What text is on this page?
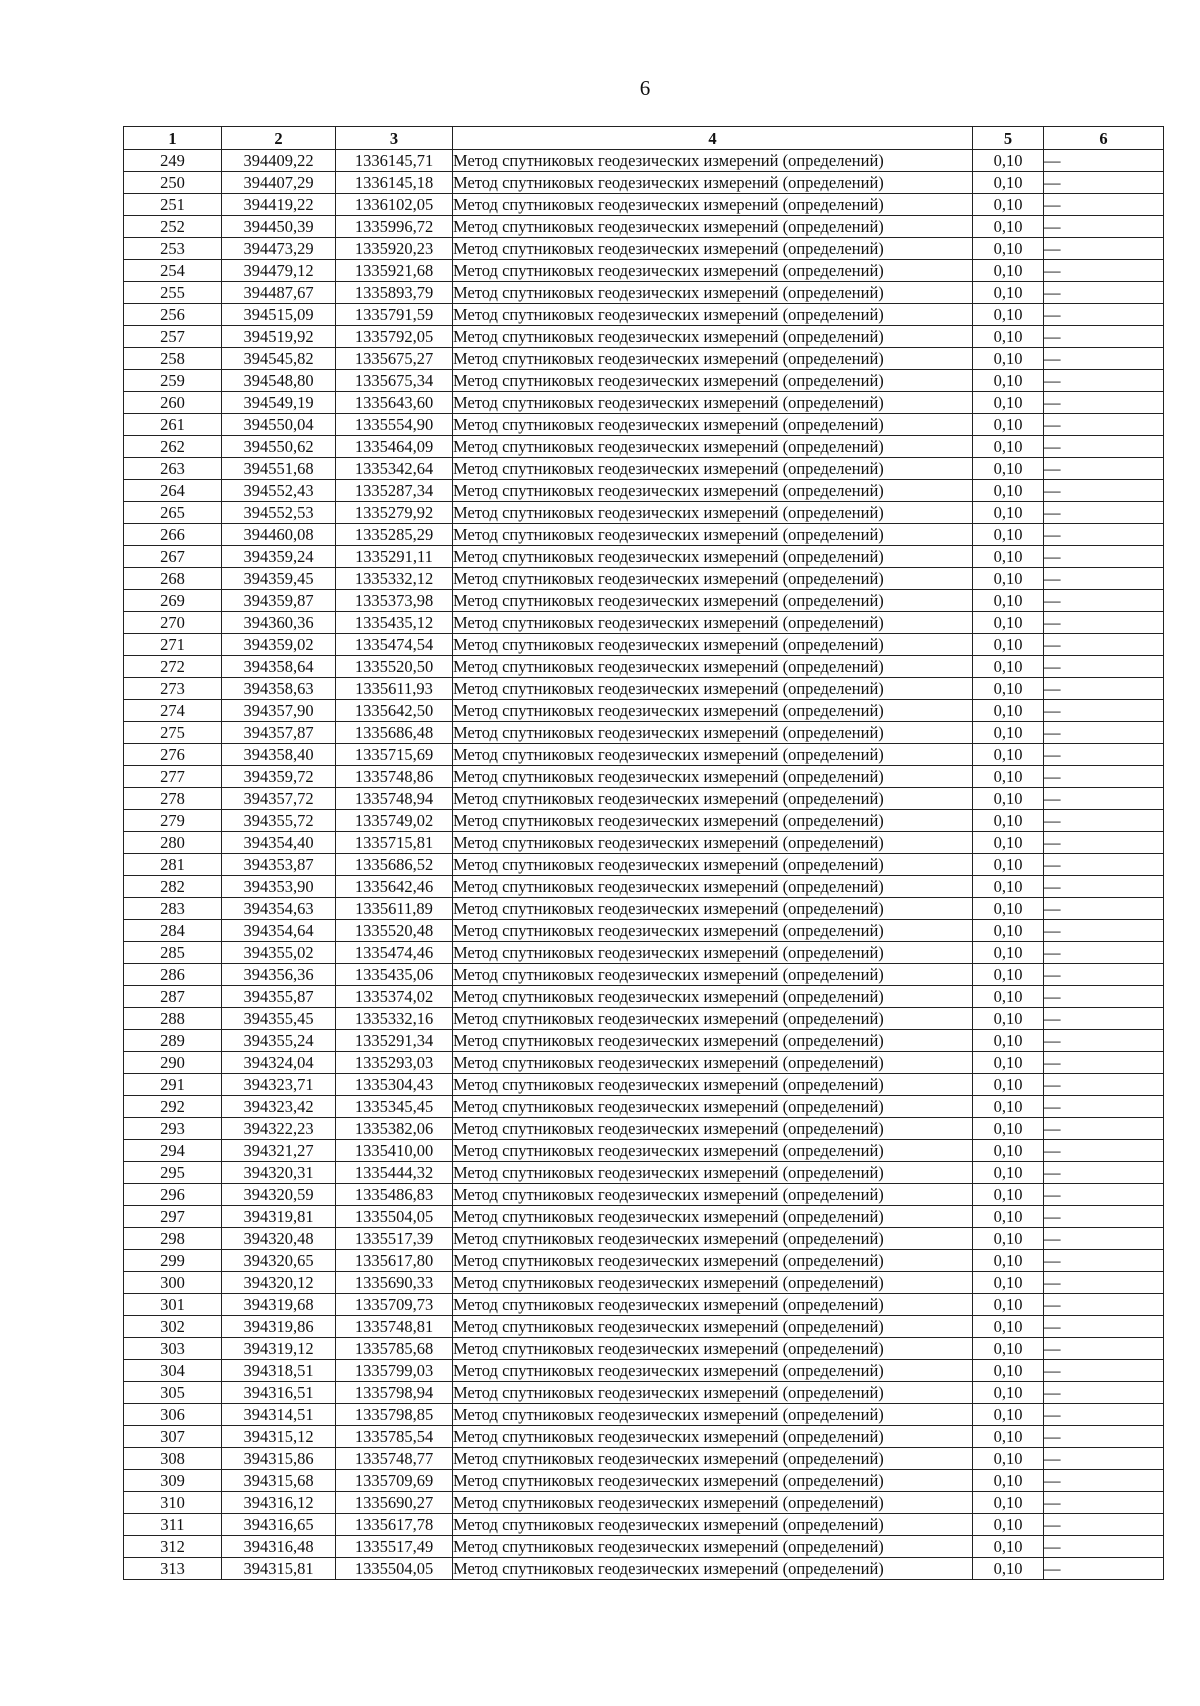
6
1	2	3	4	5	6
249	394409,22	1336145,71	Метод спутниковых геодезических измерений (определений)	0,10	—
250	394407,29	1336145,18	Метод спутниковых геодезических измерений (определений)	0,10	—
251	394419,22	1336102,05	Метод спутниковых геодезических измерений (определений)	0,10	—
252	394450,39	1335996,72	Метод спутниковых геодезических измерений (определений)	0,10	—
253	394473,29	1335920,23	Метод спутниковых геодезических измерений (определений)	0,10	—
254	394479,12	1335921,68	Метод спутниковых геодезических измерений (определений)	0,10	—
255	394487,67	1335893,79	Метод спутниковых геодезических измерений (определений)	0,10	—
256	394515,09	1335791,59	Метод спутниковых геодезических измерений (определений)	0,10	—
257	394519,92	1335792,05	Метод спутниковых геодезических измерений (определений)	0,10	—
258	394545,82	1335675,27	Метод спутниковых геодезических измерений (определений)	0,10	—
259	394548,80	1335675,34	Метод спутниковых геодезических измерений (определений)	0,10	—
260	394549,19	1335643,60	Метод спутниковых геодезических измерений (определений)	0,10	—
261	394550,04	1335554,90	Метод спутниковых геодезических измерений (определений)	0,10	—
262	394550,62	1335464,09	Метод спутниковых геодезических измерений (определений)	0,10	—
263	394551,68	1335342,64	Метод спутниковых геодезических измерений (определений)	0,10	—
264	394552,43	1335287,34	Метод спутниковых геодезических измерений (определений)	0,10	—
265	394552,53	1335279,92	Метод спутниковых геодезических измерений (определений)	0,10	—
266	394460,08	1335285,29	Метод спутниковых геодезических измерений (определений)	0,10	—
267	394359,24	1335291,11	Метод спутниковых геодезических измерений (определений)	0,10	—
268	394359,45	1335332,12	Метод спутниковых геодезических измерений (определений)	0,10	—
269	394359,87	1335373,98	Метод спутниковых геодезических измерений (определений)	0,10	—
270	394360,36	1335435,12	Метод спутниковых геодезических измерений (определений)	0,10	—
271	394359,02	1335474,54	Метод спутниковых геодезических измерений (определений)	0,10	—
272	394358,64	1335520,50	Метод спутниковых геодезических измерений (определений)	0,10	—
273	394358,63	1335611,93	Метод спутниковых геодезических измерений (определений)	0,10	—
274	394357,90	1335642,50	Метод спутниковых геодезических измерений (определений)	0,10	—
275	394357,87	1335686,48	Метод спутниковых геодезических измерений (определений)	0,10	—
276	394358,40	1335715,69	Метод спутниковых геодезических измерений (определений)	0,10	—
277	394359,72	1335748,86	Метод спутниковых геодезических измерений (определений)	0,10	—
278	394357,72	1335748,94	Метод спутниковых геодезических измерений (определений)	0,10	—
279	394355,72	1335749,02	Метод спутниковых геодезических измерений (определений)	0,10	—
280	394354,40	1335715,81	Метод спутниковых геодезических измерений (определений)	0,10	—
281	394353,87	1335686,52	Метод спутниковых геодезических измерений (определений)	0,10	—
282	394353,90	1335642,46	Метод спутниковых геодезических измерений (определений)	0,10	—
283	394354,63	1335611,89	Метод спутниковых геодезических измерений (определений)	0,10	—
284	394354,64	1335520,48	Метод спутниковых геодезических измерений (определений)	0,10	—
285	394355,02	1335474,46	Метод спутниковых геодезических измерений (определений)	0,10	—
286	394356,36	1335435,06	Метод спутниковых геодезических измерений (определений)	0,10	—
287	394355,87	1335374,02	Метод спутниковых геодезических измерений (определений)	0,10	—
288	394355,45	1335332,16	Метод спутниковых геодезических измерений (определений)	0,10	—
289	394355,24	1335291,34	Метод спутниковых геодезических измерений (определений)	0,10	—
290	394324,04	1335293,03	Метод спутниковых геодезических измерений (определений)	0,10	—
291	394323,71	1335304,43	Метод спутниковых геодезических измерений (определений)	0,10	—
292	394323,42	1335345,45	Метод спутниковых геодезических измерений (определений)	0,10	—
293	394322,23	1335382,06	Метод спутниковых геодезических измерений (определений)	0,10	—
294	394321,27	1335410,00	Метод спутниковых геодезических измерений (определений)	0,10	—
295	394320,31	1335444,32	Метод спутниковых геодезических измерений (определений)	0,10	—
296	394320,59	1335486,83	Метод спутниковых геодезических измерений (определений)	0,10	—
297	394319,81	1335504,05	Метод спутниковых геодезических измерений (определений)	0,10	—
298	394320,48	1335517,39	Метод спутниковых геодезических измерений (определений)	0,10	—
299	394320,65	1335617,80	Метод спутниковых геодезических измерений (определений)	0,10	—
300	394320,12	1335690,33	Метод спутниковых геодезических измерений (определений)	0,10	—
301	394319,68	1335709,73	Метод спутниковых геодезических измерений (определений)	0,10	—
302	394319,86	1335748,81	Метод спутниковых геодезических измерений (определений)	0,10	—
303	394319,12	1335785,68	Метод спутниковых геодезических измерений (определений)	0,10	—
304	394318,51	1335799,03	Метод спутниковых геодезических измерений (определений)	0,10	—
305	394316,51	1335798,94	Метод спутниковых геодезических измерений (определений)	0,10	—
306	394314,51	1335798,85	Метод спутниковых геодезических измерений (определений)	0,10	—
307	394315,12	1335785,54	Метод спутниковых геодезических измерений (определений)	0,10	—
308	394315,86	1335748,77	Метод спутниковых геодезических измерений (определений)	0,10	—
309	394315,68	1335709,69	Метод спутниковых геодезических измерений (определений)	0,10	—
310	394316,12	1335690,27	Метод спутниковых геодезических измерений (определений)	0,10	—
311	394316,65	1335617,78	Метод спутниковых геодезических измерений (определений)	0,10	—
312	394316,48	1335517,49	Метод спутниковых геодезических измерений (определений)	0,10	—
313	394315,81	1335504,05	Метод спутниковых геодезических измерений (определений)	0,10	—
